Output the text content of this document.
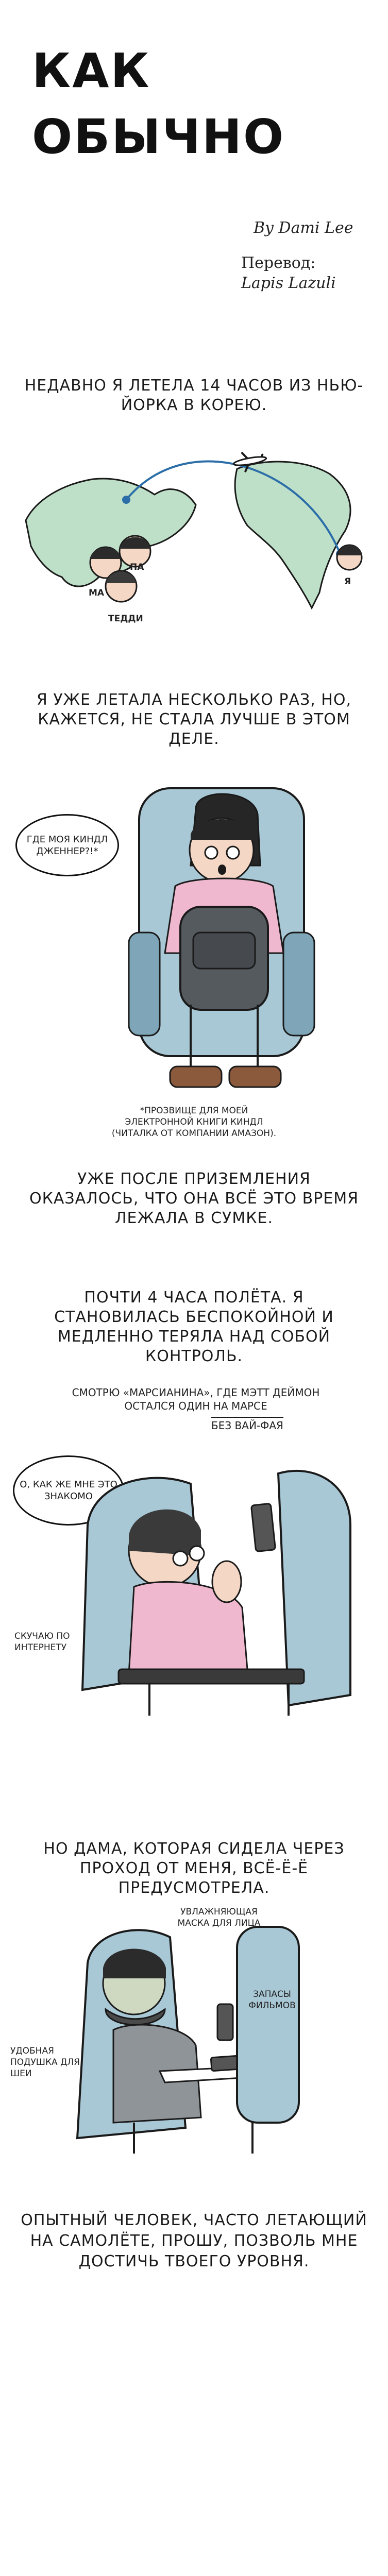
КАК
ОБЫЧНО
By Dami Lee
Перевод:
Lapis Lazuli
НЕДАВНО Я ЛЕТЕЛА 14 ЧАСОВ ИЗ НЬЮ-ЙОРКА В КОРЕЮ.
МА
ПА
ТЕДДИ
Я
Я УЖЕ ЛЕТАЛА НЕСКОЛЬКО РАЗ, НО, КАЖЕТСЯ, НЕ СТАЛА ЛУЧШЕ В ЭТОМ ДЕЛЕ.
ГДЕ МОЯ КИНДЛ ДЖЕННЕР?!*
*ПРОЗВИЩЕ ДЛЯ МОЕЙ ЭЛЕКТРОННОЙ КНИГИ КИНДЛ (ЧИТАЛКА ОТ КОМПАНИИ АМАЗОН).
УЖЕ ПОСЛЕ ПРИЗЕМЛЕНИЯ ОКАЗАЛОСЬ, ЧТО ОНА ВСЁ ЭТО ВРЕМЯ ЛЕЖАЛА В СУМКЕ.
ПОЧТИ 4 ЧАСА ПОЛЁТА. Я СТАНОВИЛАСЬ БЕСПОКОЙНОЙ И МЕДЛЕННО ТЕРЯЛА НАД СОБОЙ КОНТРОЛЬ.
СМОТРЮ «МАРСИАНИНА», ГДЕ МЭТТ ДЕЙМОН ОСТАЛСЯ ОДИН НА МАРСЕ
БЕЗ ВАЙ-ФАЯ
О, КАК ЖЕ МНЕ ЭТО ЗНАКОМО
СКУЧАЮ ПО ИНТЕРНЕТУ
НО ДАМА, КОТОРАЯ СИДЕЛА ЧЕРЕЗ ПРОХОД ОТ МЕНЯ, ВСЁ-Ё-Ё ПРЕДУСМОТРЕЛА.
УВЛАЖНЯЮЩАЯ МАСКА ДЛЯ ЛИЦА
ЗАПАСЫ ФИЛЬМОВ
УДОБНАЯ ПОДУШКА ДЛЯ ШЕИ
ОПЫТНЫЙ ЧЕЛОВЕК, ЧАСТО ЛЕТАЮЩИЙ НА САМОЛЁТЕ, ПРОШУ, ПОЗВОЛЬ МНЕ ДОСТИЧЬ ТВОЕГО УРОВНЯ.
